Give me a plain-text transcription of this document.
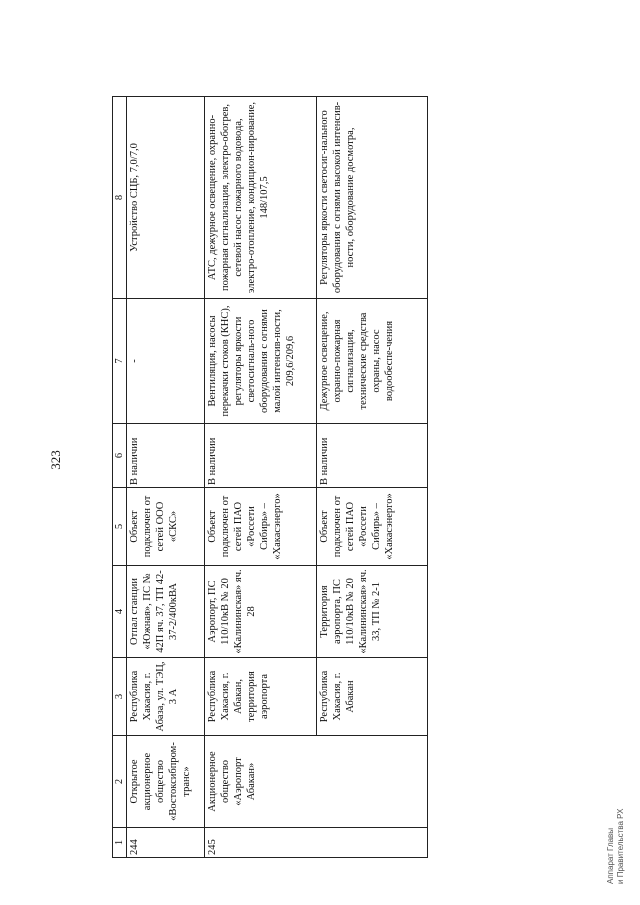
323
1	2	3	4	5	6	7	8
244	Открытое акционерное общество «Востоксибпром-транс»	Республика Хакасия, г. Абаза, ул. ТЭЦ, 3 А	Отпал станции «Южная», ПС № 42П яч. 37, ТП 42-37-2/400кВА	Объект подключен от сетей ООО «СКС»	В наличии	-	Устройство СЦБ, 7,0/7,0
245	Акционерное общество «Аэропорт Абакан»	Республика Хакасия, г. Абакан, территория аэропорта	Аэропорт, ПС 110/10кВ № 20 «Калининская» яч. 28	Объект подключен от сетей ПАО «Россети Сибирь» – «Хакасэнерго»	В наличии	Вентиляция, насосы перекачки стоков (КНС), регуляторы яркости светосигналь-ного оборудования с огнями малой интенсив-ности, 209,6/209,6	АТС, дежурное освещение, охранно-пожарная сигнализация, электро-обогрев, сетевой насос пожарного водовода, электро-отопление, кондицион-нирование, 148/107,5
		Республика Хакасия, г. Абакан	Территория аэропорта, ПС 110/10кВ № 20 «Калининская» яч. 33, ТП № 2-1	Объект подключен от сетей ПАО «Россети Сибирь» – «Хакасэнерго»	В наличии	Дежурное освещение, охранно-пожарная сигнализация, технические средства охраны, насос водообеспе-чения	Регуляторы яркости светосиг-нального оборудования с огнями высокой интенсив-ности, оборудование досмотра,
Аппарат Главы и Правительства РХ
